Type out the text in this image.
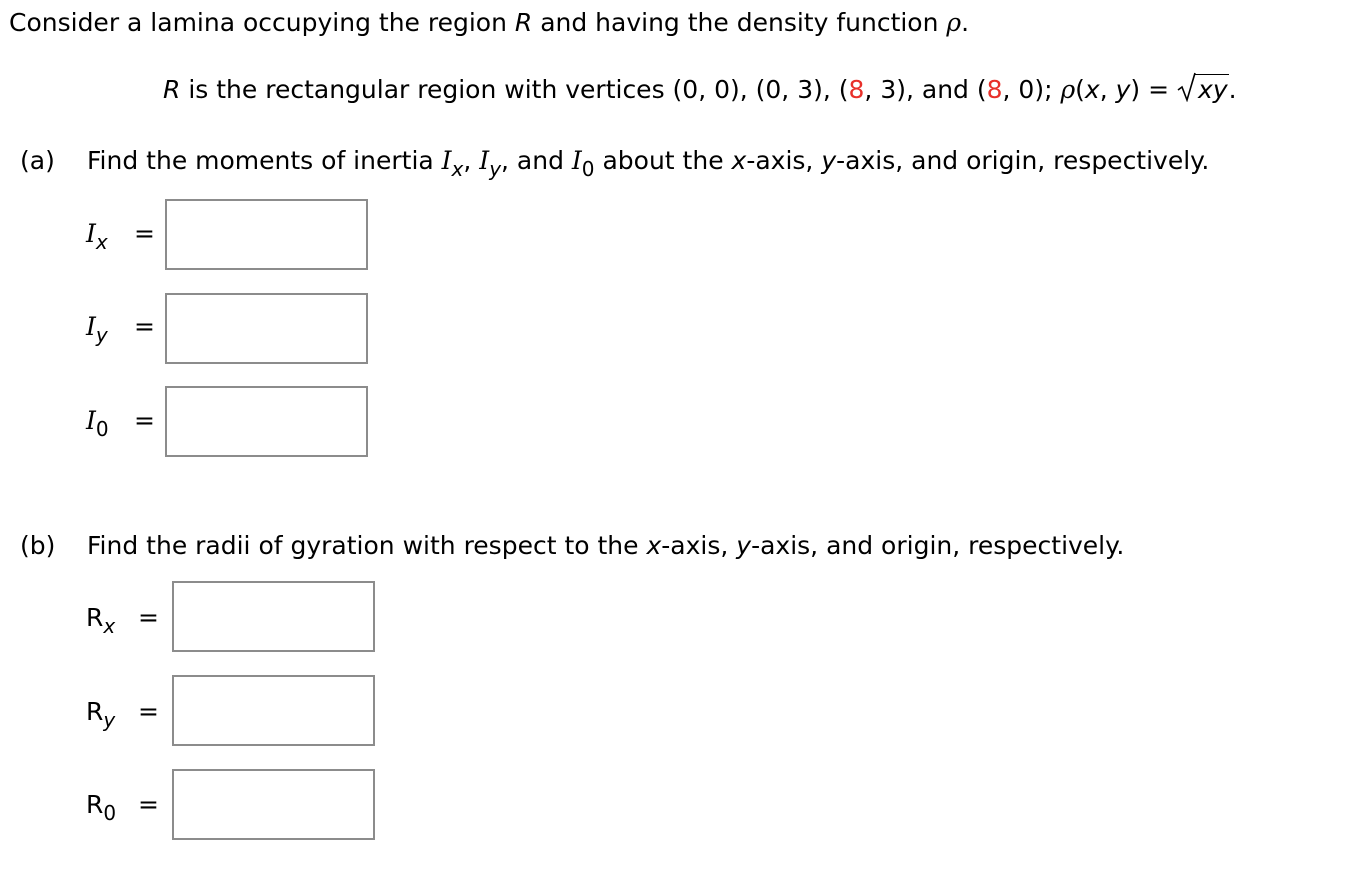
Consider a lamina occupying the region R and having the density function ρ.
R is the rectangular region with vertices (0, 0), (0, 3), (8, 3), and (8, 0); ρ(x, y) =
xy.
(a) Find the moments of inertia $I_x$, $I_y$, and $I_0$ about the x-axis, y-axis, and origin, respectively.
$I_x$ =
$I_y$ =
$I_0$ =
(b) Find the radii of gyration with respect to the x-axis, y-axis, and origin, respectively.
$R_x$ =
$R_y$ =
$R_0$ =
